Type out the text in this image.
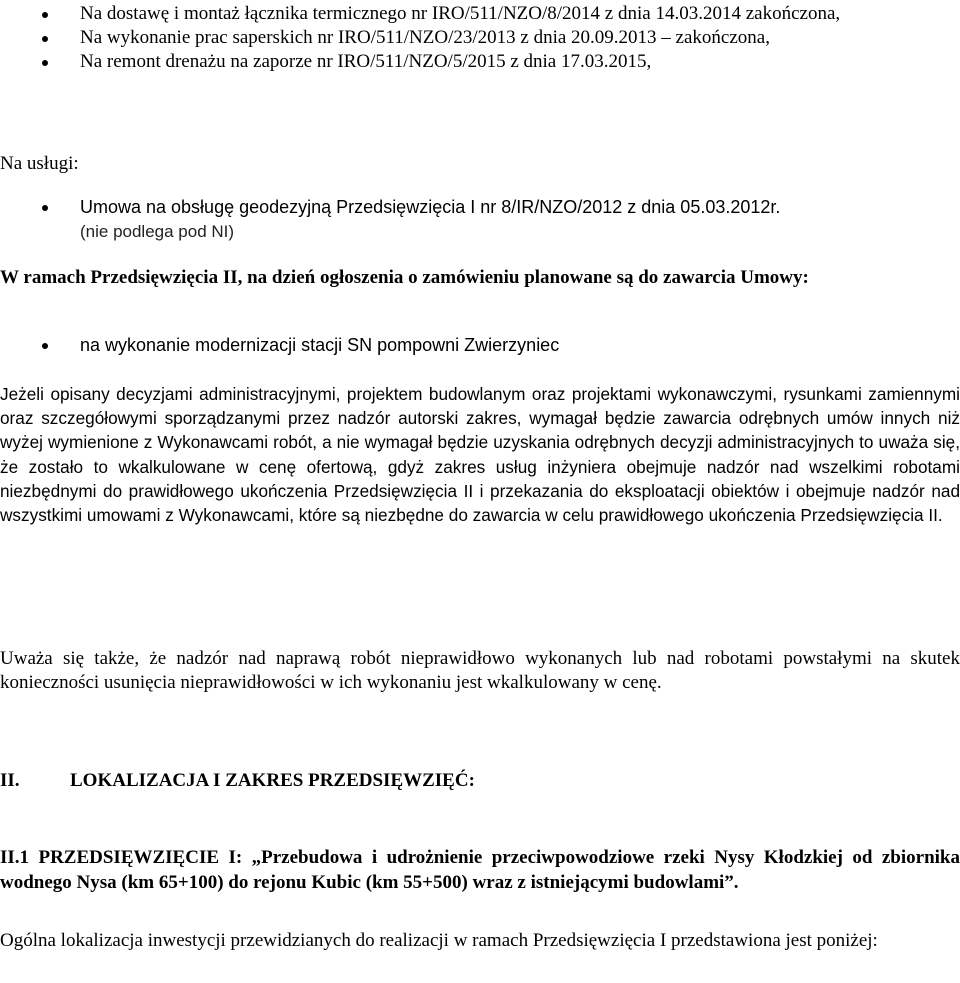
Na dostawę i montaż łącznika termicznego nr IRO/511/NZO/8/2014 z dnia 14.03.2014 zakończona,
Na wykonanie prac saperskich nr IRO/511/NZO/23/2013 z dnia 20.09.2013 – zakończona,
Na remont drenażu na zaporze nr IRO/511/NZO/5/2015 z dnia 17.03.2015,

Na usługi:

Umowa na obsługę geodezyjną Przedsięwzięcia I nr 8/IR/NZO/2012 z dnia 05.03.2012r.
(nie podlega pod NI)

W ramach Przedsięwzięcia II, na dzień ogłoszenia o zamówieniu planowane są do zawarcia Umowy:

na wykonanie modernizacji stacji SN pompowni Zwierzyniec

Jeżeli opisany decyzjami administracyjnymi, projektem budowlanym oraz projektami wykonawczymi, rysunkami zamiennymi oraz szczegółowymi sporządzanymi przez nadzór autorski zakres, wymagał będzie zawarcia odrębnych umów innych niż wyżej wymienione z Wykonawcami robót, a nie wymagał będzie uzyskania odrębnych decyzji administracyjnych to uważa się, że zostało to wkalkulowane w cenę ofertową, gdyż zakres usług inżyniera obejmuje nadzór nad wszelkimi robotami niezbędnymi do prawidłowego ukończenia Przedsięwzięcia II i przekazania do eksploatacji obiektów i obejmuje nadzór nad wszystkimi umowami z Wykonawcami, które są niezbędne do zawarcia w celu prawidłowego ukończenia Przedsięwzięcia II.

Uważa się także, że nadzór nad naprawą robót nieprawidłowo wykonanych lub nad robotami powstałymi na skutek konieczności usunięcia nieprawidłowości w ich wykonaniu jest wkalkulowany w cenę.

II.	LOKALIZACJA I ZAKRES PRZEDSIĘWZIĘĆ:

II.1 PRZEDSIĘWZIĘCIE I: „Przebudowa i udrożnienie przeciwpowodziowe rzeki Nysy Kłodzkiej od zbiornika wodnego Nysa (km 65+100) do rejonu Kubic (km 55+500) wraz z istniejącymi budowlami”.

Ogólna lokalizacja inwestycji przewidzianych do realizacji w ramach Przedsięwzięcia I przedstawiona jest poniżej:
